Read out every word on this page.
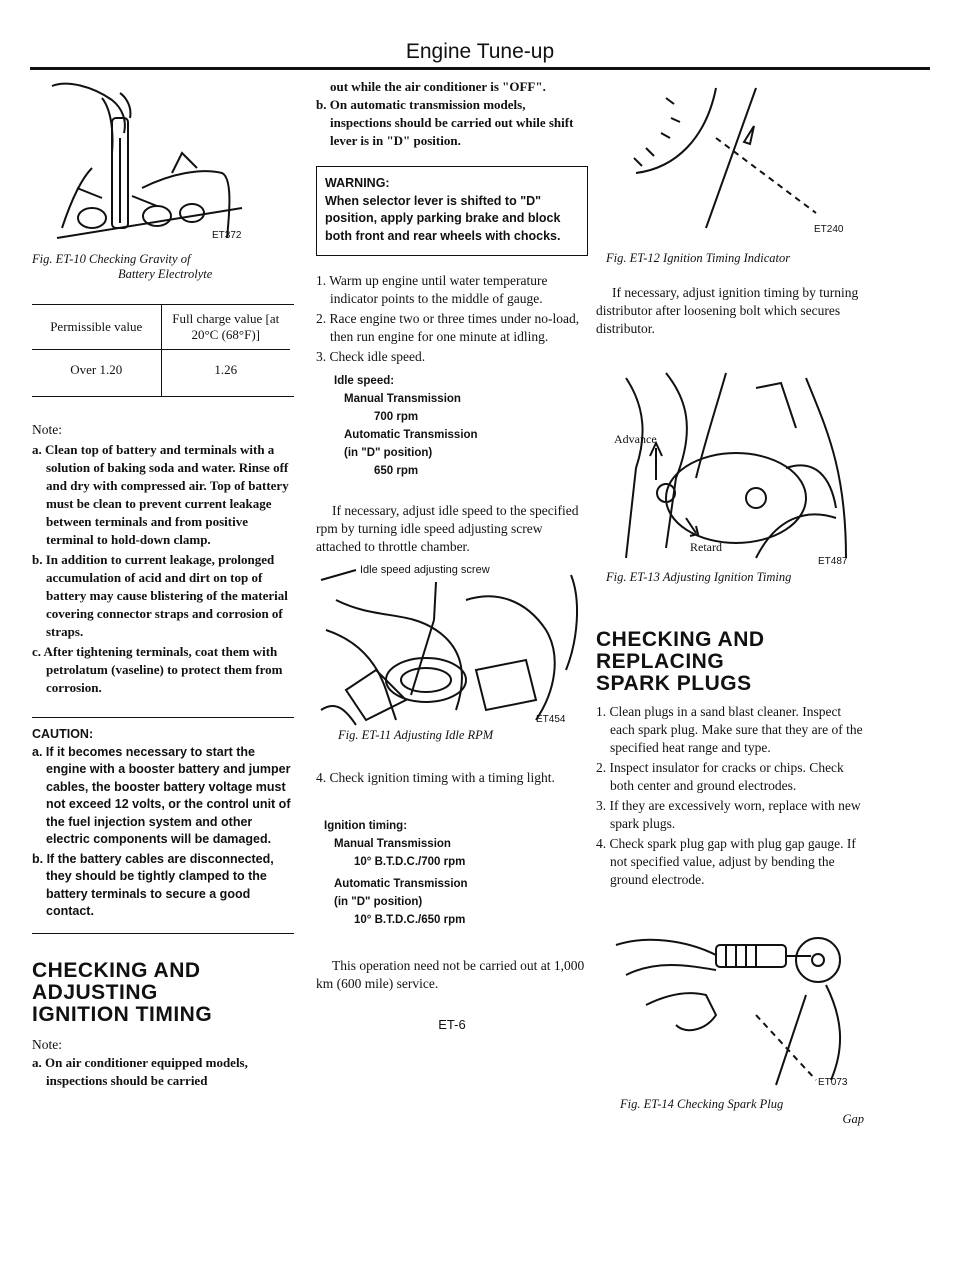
Engine Tune-up
ET372
Fig. ET-10 Checking Gravity of
Battery Electrolyte
Permissible value	Full charge value [at 20°C (68°F)]
Over 1.20	1.26
Note:

a. Clean top of battery and terminals with a solution of baking soda and water. Rinse off and dry with compressed air. Top of battery must be clean to prevent current leakage between terminals and from positive terminal to hold-down clamp.

b. In addition to current leakage, prolonged accumulation of acid and dirt on top of battery may cause blistering of the material covering connector straps and corrosion of straps.

c. After tightening terminals, coat them with petrolatum (vaseline) to protect them from corrosion.

CAUTION:

a. If it becomes necessary to start the engine with a booster battery and jumper cables, the booster battery voltage must not exceed 12 volts, or the control unit of the fuel injection system and other electric components will be damaged.

b. If the battery cables are disconnected, they should be tightly clamped to the battery terminals to secure a good contact.

CHECKING AND
ADJUSTING
IGNITION TIMING
Note:

a. On air conditioner equipped models, inspections should be carried

out while the air conditioner is "OFF".

b. On automatic transmission models, inspections should be carried out while shift lever is in "D" position.

WARNING:
When selector lever is shifted to "D" position, apply parking brake and block both front and rear wheels with chocks.

1. Warm up engine until water temperature indicator points to the middle of gauge.

2. Race engine two or three times under no-load, then run engine for one minute at idling.

3. Check idle speed.

Idle speed:
Manual Transmission
700 rpm
Automatic Transmission
(in "D" position)
650 rpm

If necessary, adjust idle speed to the specified rpm by turning idle speed adjusting screw attached to throttle chamber.

Idle speed adjusting screw
ET454
Fig. ET-11 Adjusting Idle RPM

4. Check ignition timing with a timing light.

Ignition timing:
Manual Transmission
10° B.T.D.C./700 rpm
Automatic Transmission
(in "D" position)
10° B.T.D.C./650 rpm

This operation need not be carried out at 1,000 km (600 mile) service.

ET-6
ET240
Fig. ET-12 Ignition Timing Indicator

If necessary, adjust ignition timing by turning distributor after loosening bolt which secures distributor.

Advance
Retard
ET487
Fig. ET-13 Adjusting Ignition Timing
CHECKING AND
REPLACING
SPARK PLUGS

1. Clean plugs in a sand blast cleaner. Inspect each spark plug. Make sure that they are of the specified heat range and type.

2. Inspect insulator for cracks or chips. Check both center and ground electrodes.

3. If they are excessively worn, replace with new spark plugs.

4. Check spark plug gap with plug gap gauge. If not specified value, adjust by bending the ground electrode.

ET073
Fig. ET-14 Checking Spark Plug
Gap
